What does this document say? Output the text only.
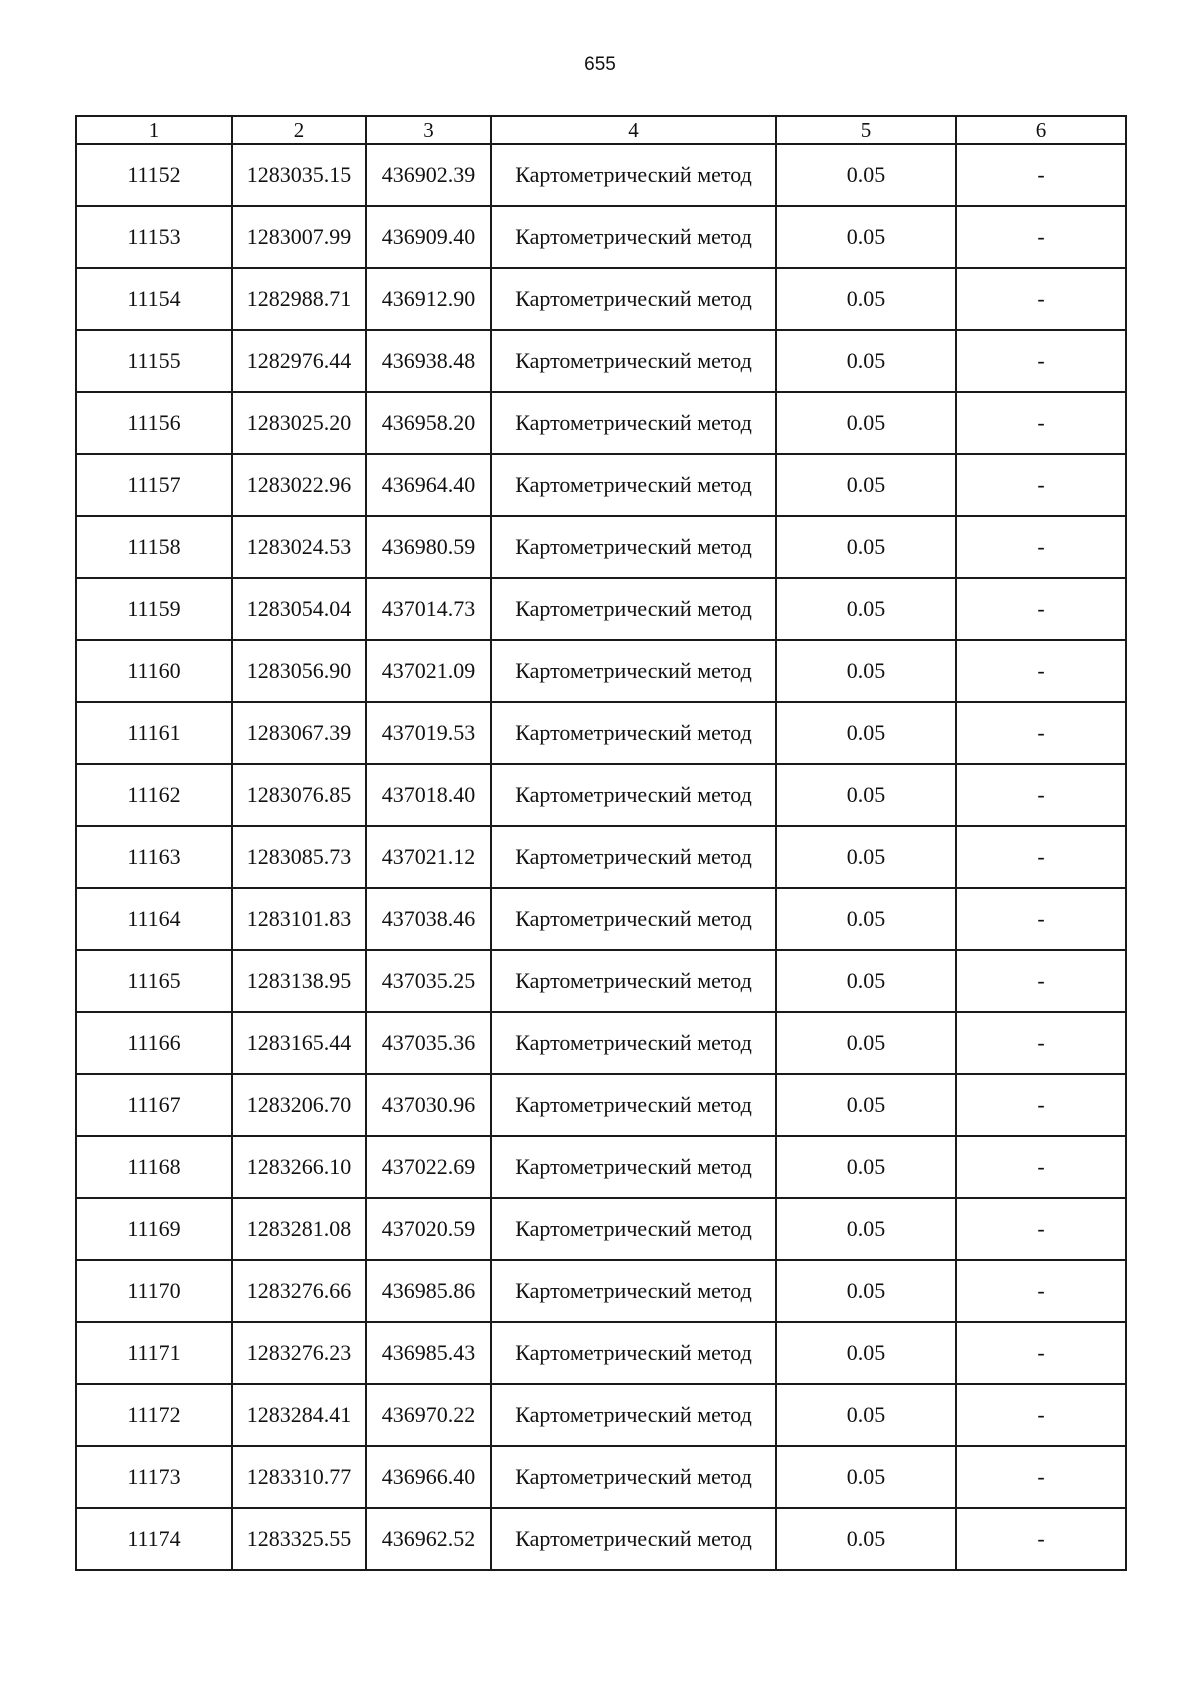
655
1	2	3	4	5	6
11152	1283035.15	436902.39	Картометрический метод	0.05	-
11153	1283007.99	436909.40	Картометрический метод	0.05	-
11154	1282988.71	436912.90	Картометрический метод	0.05	-
11155	1282976.44	436938.48	Картометрический метод	0.05	-
11156	1283025.20	436958.20	Картометрический метод	0.05	-
11157	1283022.96	436964.40	Картометрический метод	0.05	-
11158	1283024.53	436980.59	Картометрический метод	0.05	-
11159	1283054.04	437014.73	Картометрический метод	0.05	-
11160	1283056.90	437021.09	Картометрический метод	0.05	-
11161	1283067.39	437019.53	Картометрический метод	0.05	-
11162	1283076.85	437018.40	Картометрический метод	0.05	-
11163	1283085.73	437021.12	Картометрический метод	0.05	-
11164	1283101.83	437038.46	Картометрический метод	0.05	-
11165	1283138.95	437035.25	Картометрический метод	0.05	-
11166	1283165.44	437035.36	Картометрический метод	0.05	-
11167	1283206.70	437030.96	Картометрический метод	0.05	-
11168	1283266.10	437022.69	Картометрический метод	0.05	-
11169	1283281.08	437020.59	Картометрический метод	0.05	-
11170	1283276.66	436985.86	Картометрический метод	0.05	-
11171	1283276.23	436985.43	Картометрический метод	0.05	-
11172	1283284.41	436970.22	Картометрический метод	0.05	-
11173	1283310.77	436966.40	Картометрический метод	0.05	-
11174	1283325.55	436962.52	Картометрический метод	0.05	-
